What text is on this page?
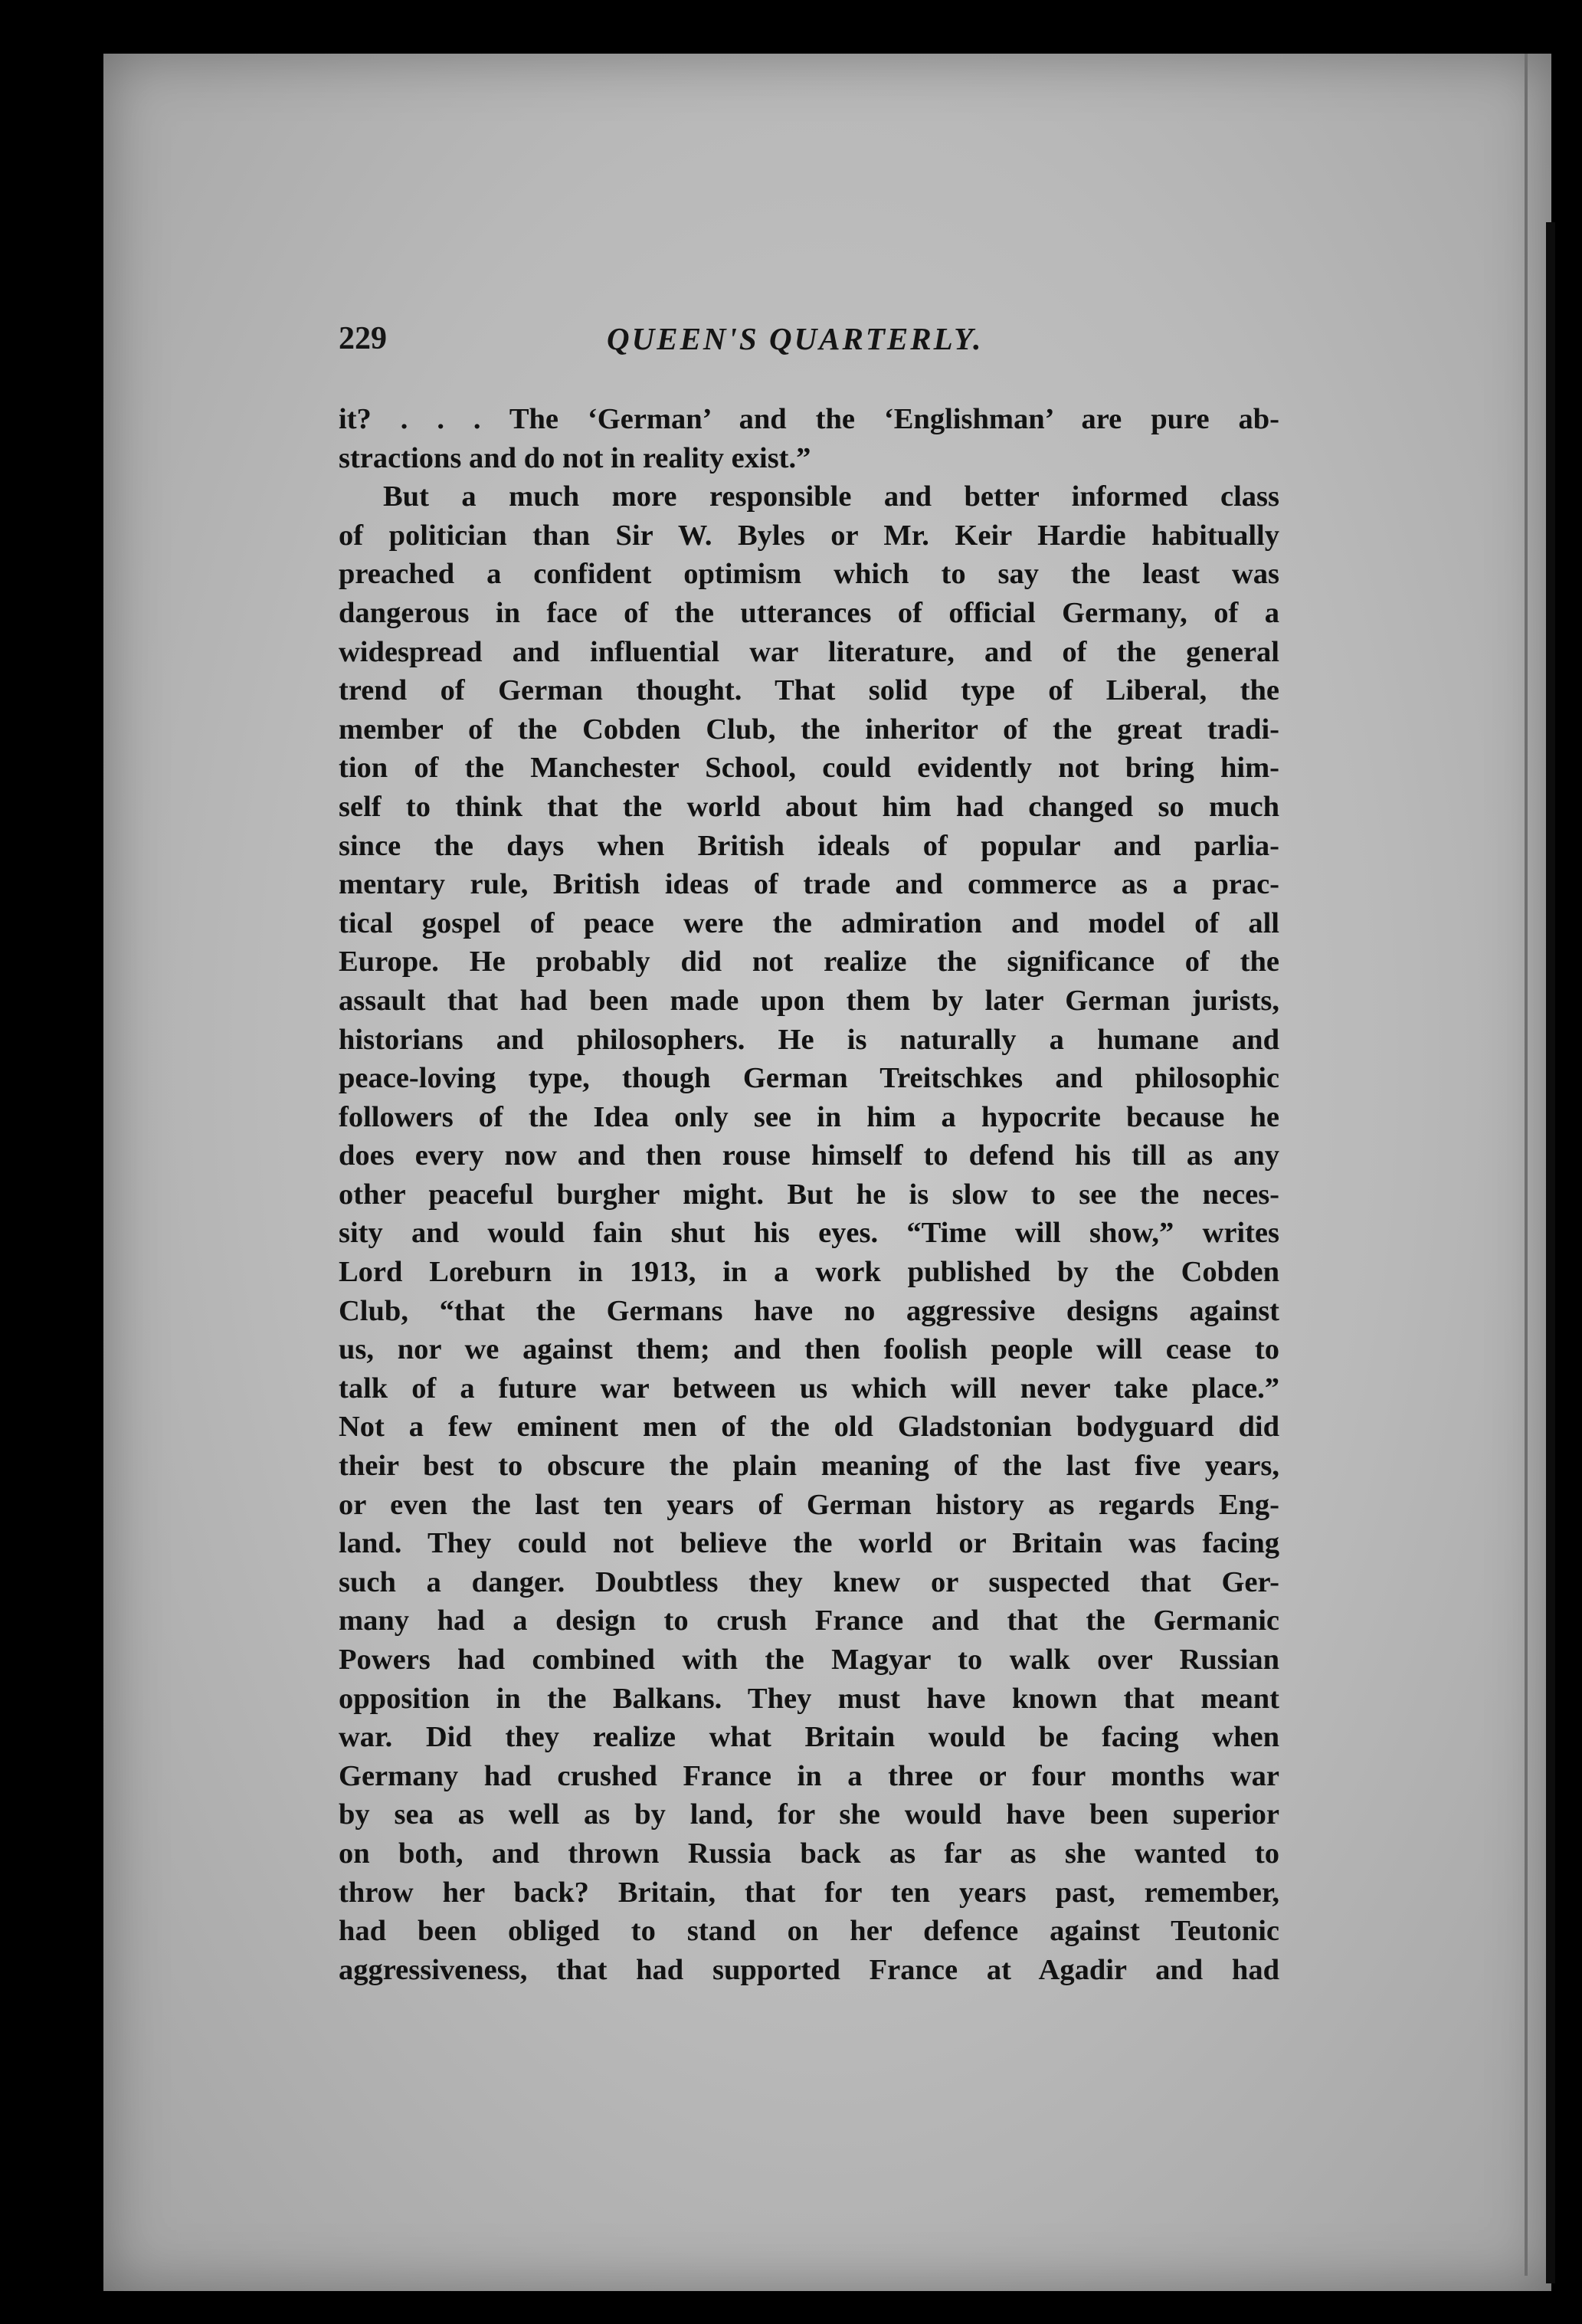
229	QUEEN'S QUARTERLY.
it? . . . The ‘German’ and the ‘Englishman’ are pure ab-
stractions and do not in reality exist.”
But a much more responsible and better informed class
of politician than Sir W. Byles or Mr. Keir Hardie habitually
preached a confident optimism which to say the least was
dangerous in face of the utterances of official Germany, of a
widespread and influential war literature, and of the general
trend of German thought. That solid type of Liberal, the
member of the Cobden Club, the inheritor of the great tradi-
tion of the Manchester School, could evidently not bring him-
self to think that the world about him had changed so much
since the days when British ideals of popular and parlia-
mentary rule, British ideas of trade and commerce as a prac-
tical gospel of peace were the admiration and model of all
Europe. He probably did not realize the significance of the
assault that had been made upon them by later German jurists,
historians and philosophers. He is naturally a humane and
peace-loving type, though German Treitschkes and philosophic
followers of the Idea only see in him a hypocrite because he
does every now and then rouse himself to defend his till as any
other peaceful burgher might. But he is slow to see the neces-
sity and would fain shut his eyes. “Time will show,” writes
Lord Loreburn in 1913, in a work published by the Cobden
Club, “that the Germans have no aggressive designs against
us, nor we against them; and then foolish people will cease to
talk of a future war between us which will never take place.”
Not a few eminent men of the old Gladstonian bodyguard did
their best to obscure the plain meaning of the last five years,
or even the last ten years of German history as regards Eng-
land. They could not believe the world or Britain was facing
such a danger. Doubtless they knew or suspected that Ger-
many had a design to crush France and that the Germanic
Powers had combined with the Magyar to walk over Russian
opposition in the Balkans. They must have known that meant
war. Did they realize what Britain would be facing when
Germany had crushed France in a three or four months war
by sea as well as by land, for she would have been superior
on both, and thrown Russia back as far as she wanted to
throw her back? Britain, that for ten years past, remember,
had been obliged to stand on her defence against Teutonic
aggressiveness, that had supported France at Agadir and had
